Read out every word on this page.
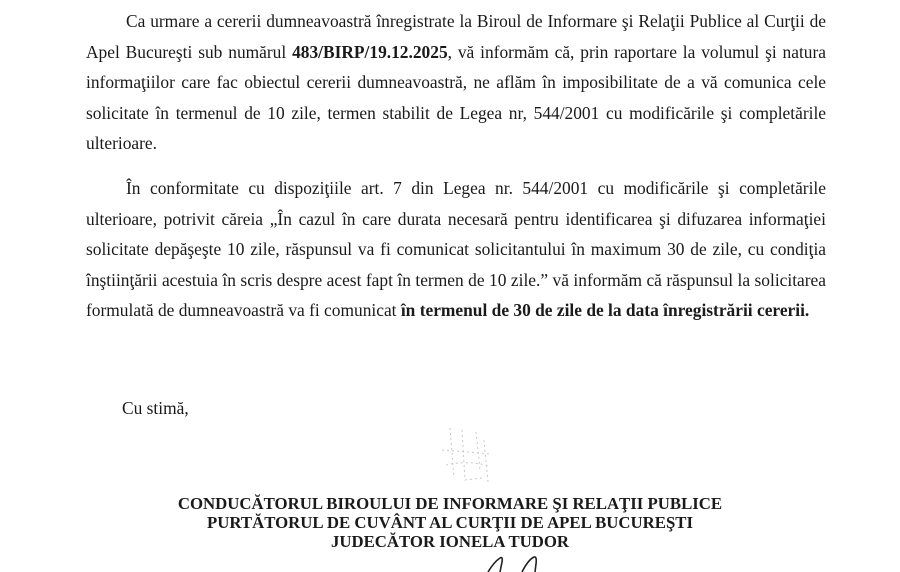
Ca urmare a cererii dumneavoastră înregistrate la Biroul de Informare şi Relaţii Publice al Curţii de Apel Bucureşti sub numărul 483/BIRP/19.12.2025, vă informăm că, prin raportare la volumul şi natura informaţiilor care fac obiectul cererii dumneavoastră, ne aflăm în imposibilitate de a vă comunica cele solicitate în termenul de 10 zile, termen stabilit de Legea nr, 544/2001 cu modificările şi completările ulterioare.

În conformitate cu dispoziţiile art. 7 din Legea nr. 544/2001 cu modificările şi completările ulterioare, potrivit căreia „În cazul în care durata necesară pentru identificarea şi difuzarea informaţiei solicitate depăşeşte 10 zile, răspunsul va fi comunicat solicitantului în maximum 30 de zile, cu condiţia înştiinţării acestuia în scris despre acest fapt în termen de 10 zile.” vă informăm că răspunsul la solicitarea formulată de dumneavoastră va fi comunicat în termenul de 30 de zile de la data înregistrării cererii.

Cu stimă,

CONDUCĂTORUL BIROULUI DE INFORMARE ŞI RELAŢII PUBLICE
PURTĂTORUL DE CUVÂNT AL CURŢII DE APEL BUCUREŞTI
JUDECĂTOR IONELA TUDOR
